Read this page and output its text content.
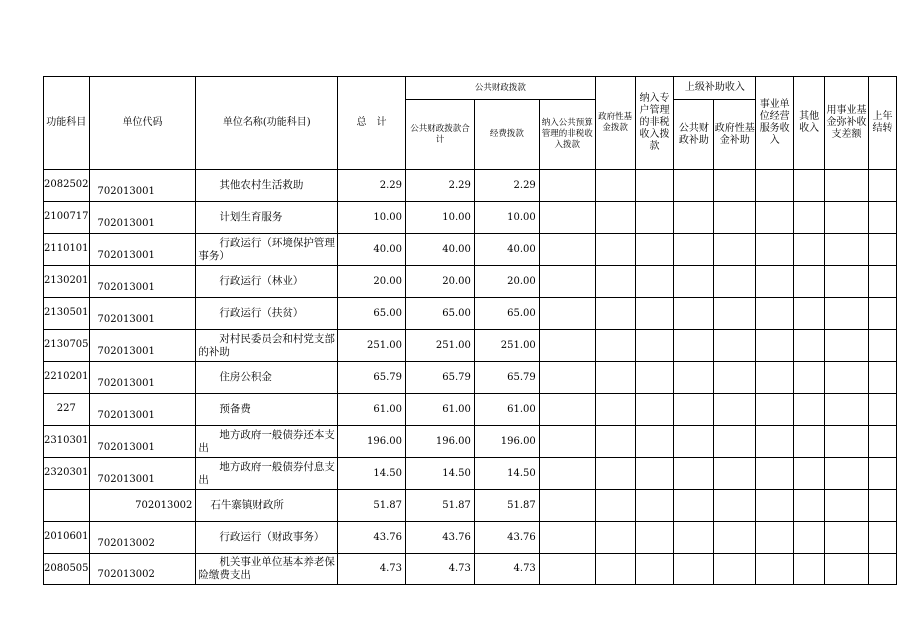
功能科目	单位代码	单位名称(功能科目)	总　计	公共财政拨款			政府性基金拨款	纳入专户管理的非税收入拨款	上级补助收入		事业单位经营服务收入	其他收入	用事业基金弥补收支差额	上年结转
				公共财政拨款合计	经费拨款	纳入公共预算管理的非税收入拨款			公共财政补助	政府性基金补助				
2082502	702013001	其他农村生活救助	2.29	2.29	2.29									
2100717	702013001	计划生育服务	10.00	10.00	10.00									
2110101	702013001	行政运行（环境保护管理事务）	40.00	40.00	40.00									
2130201	702013001	行政运行（林业）	20.00	20.00	20.00									
2130501	702013001	行政运行（扶贫）	65.00	65.00	65.00									
2130705	702013001	对村民委员会和村党支部的补助	251.00	251.00	251.00									
2210201	702013001	住房公积金	65.79	65.79	65.79									
227	702013001	预备费	61.00	61.00	61.00									
2310301	702013001	地方政府一般债券还本支出	196.00	196.00	196.00									
2320301	702013001	地方政府一般债券付息支出	14.50	14.50	14.50									
	702013002	石牛寨镇财政所	51.87	51.87	51.87									
2010601	702013002	行政运行（财政事务）	43.76	43.76	43.76									
2080505	702013002	机关事业单位基本养老保险缴费支出	4.73	4.73	4.73									
